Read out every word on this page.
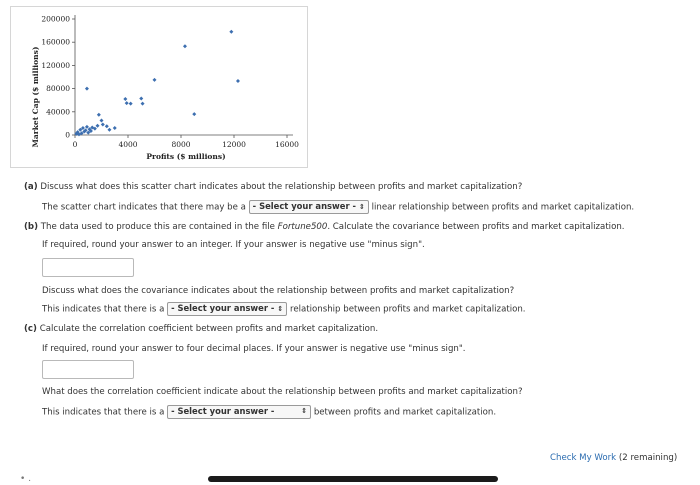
Market Cap ($ millions)
Profits ($ millions)
0
40000
80000
120000
160000
200000
0	4000	8000	12000	16000
(a) Discuss what does this scatter chart indicates about the relationship between profits and market capitalization?
The scatter chart indicates that there may be a - Select your answer - ⇕ linear relationship between profits and market capitalization.
(b) The data used to produce this are contained in the file Fortune500. Calculate the covariance between profits and market capitalization.
If required, round your answer to an integer. If your answer is negative use "minus sign".
Discuss what does the covariance indicates about the relationship between profits and market capitalization?
This indicates that there is a - Select your answer - ⇕ relationship between profits and market capitalization.
(c) Calculate the correlation coefficient between profits and market capitalization.
If required, round your answer to four decimal places. If your answer is negative use "minus sign".
What does the correlation coefficient indicate about the relationship between profits and market capitalization?
This indicates that there is a - Select your answer -	⇕ between profits and market capitalization.
Check My Work (2 remaining)
• ․
